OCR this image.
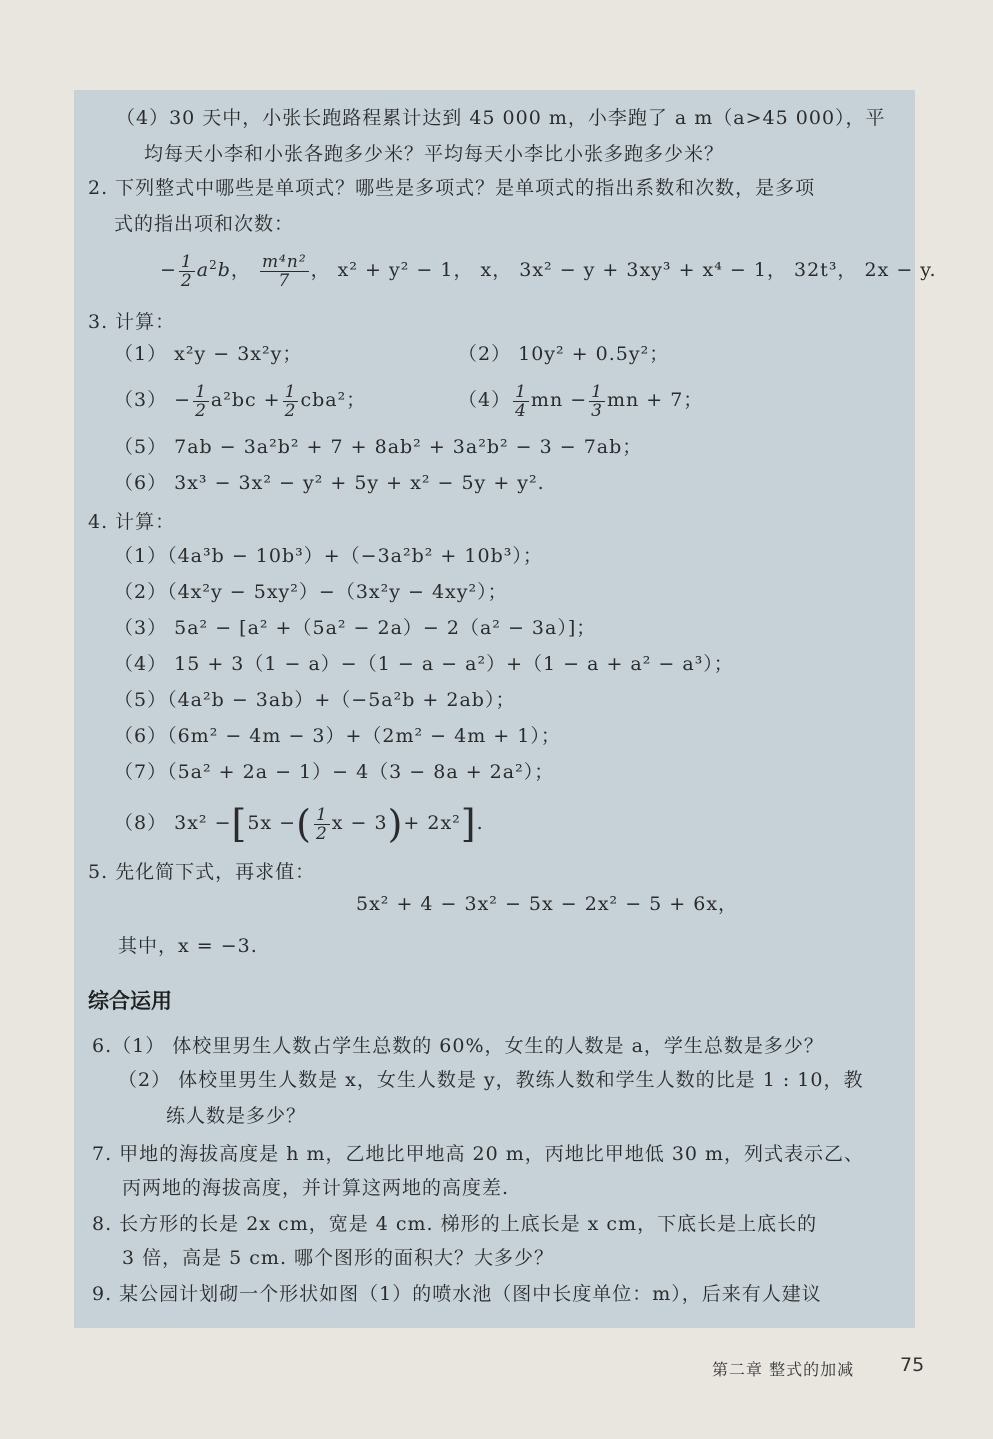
（4）30 天中，小张长跑路程累计达到 45 000 m，小李跑了 a m（a>45 000），平
均每天小李和小张各跑多少米？平均每天小李比小张多跑多少米？
2. 下列整式中哪些是单项式？哪些是多项式？是单项式的指出系数和次数，是多项
式的指出项和次数：
− $\frac{1}{2} a^2b$， $\frac{\text{m⁴n²}}{7}$ ， x² + y² − 1， x， 3x² − y + 3xy³ + x⁴ − 1， 32t³， 2x − y.
3. 计算：
（1） x²y − 3x²y；	（2） 10y² + 0.5y²；
$(3) - \frac{1}{2} a^2bc + \frac{1}{2} cba^2$；	$(4) \frac{1}{4}$ mn − $\frac{1}{3}$ mn + 7；
（5） 7ab − 3a²b² + 7 + 8ab² + 3a²b² − 3 − 7ab；
（6） 3x³ − 3x² − y² + 5y + x² − 5y + y².
4. 计算：
（1）（4a³b − 10b³）+（−3a²b² + 10b³）；
（2）（4x²y − 5xy²）−（3x²y − 4xy²）；
（3） 5a² − [a² +（5a² − 2a）− 2（a² − 3a）]；
（4） 15 + 3（1 − a）−（1 − a − a²）+（1 − a + a² − a³）；
（5）（4a²b − 3ab）+（−5a²b + 2ab）；
（6）（6m² − 4m − 3）+（2m² − 4m + 1）；
（7）（5a² + 2a − 1）− 4（3 − 8a + 2a²）；
（8） 3x² −[5x −( $\frac{1}{2}$ x − 3)+ 2x²].
5. 先化简下式，再求值：
5x² + 4 − 3x² − 5x − 2x² − 5 + 6x，
其中，x = −3.
综合运用
6.（1） 体校里男生人数占学生总数的 60%，女生的人数是 a，学生总数是多少？
（2） 体校里男生人数是 x，女生人数是 y，教练人数和学生人数的比是 1 : 10，教
练人数是多少？
7. 甲地的海拔高度是 h m，乙地比甲地高 20 m，丙地比甲地低 30 m，列式表示乙、
丙两地的海拔高度，并计算这两地的高度差.
8. 长方形的长是 2x cm，宽是 4 cm. 梯形的上底长是 x cm，下底长是上底长的
3 倍，高是 5 cm. 哪个图形的面积大？大多少？
9. 某公园计划砌一个形状如图（1）的喷水池（图中长度单位：m），后来有人建议
第二章 整式的加减 75
